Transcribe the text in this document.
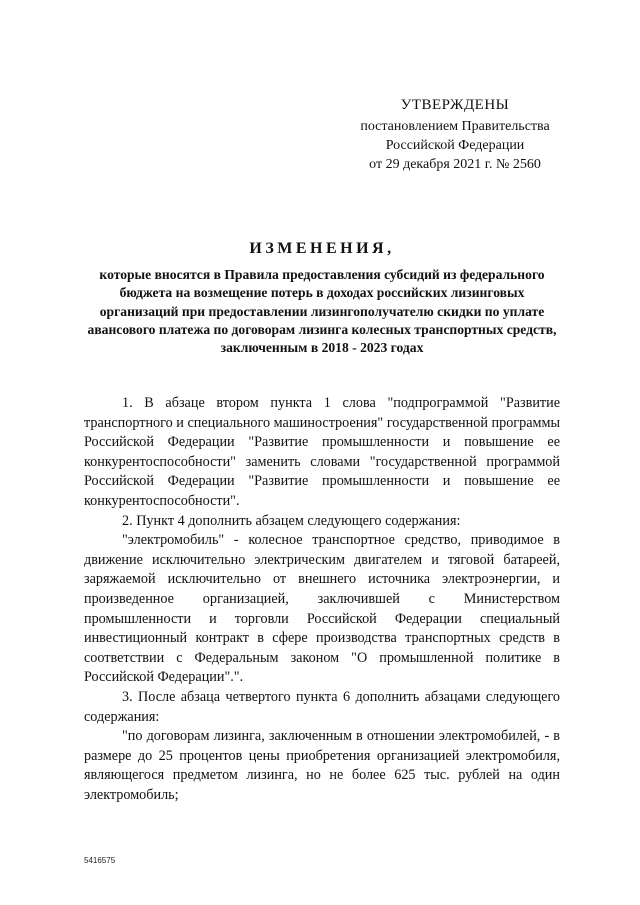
УТВЕРЖДЕНЫ
постановлением Правительства
Российской Федерации
от 29 декабря 2021 г. № 2560
ИЗМЕНЕНИЯ,
которые вносятся в Правила предоставления субсидий из федерального бюджета на возмещение потерь в доходах российских лизинговых организаций при предоставлении лизингополучателю скидки по уплате авансового платежа по договорам лизинга колесных транспортных средств, заключенным в 2018 - 2023 годах

1. В абзаце втором пункта 1 слова "подпрограммой "Развитие транспортного и специального машиностроения" государственной программы Российской Федерации "Развитие промышленности и повышение ее конкурентоспособности" заменить словами "государственной программой Российской Федерации "Развитие промышленности и повышение ее конкурентоспособности".

2. Пункт 4 дополнить абзацем следующего содержания:

"электромобиль" - колесное транспортное средство, приводимое в движение исключительно электрическим двигателем и тяговой батареей, заряжаемой исключительно от внешнего источника электроэнергии, и произведенное организацией, заключившей с Министерством промышленности и торговли Российской Федерации специальный инвестиционный контракт в сфере производства транспортных средств в соответствии с Федеральным законом "О промышленной политике в Российской Федерации".".

3. После абзаца четвертого пункта 6 дополнить абзацами следующего содержания:

"по договорам лизинга, заключенным в отношении электромобилей, - в размере до 25 процентов цены приобретения организацией электромобиля, являющегося предметом лизинга, но не более 625 тыс. рублей на один электромобиль;

5416575
